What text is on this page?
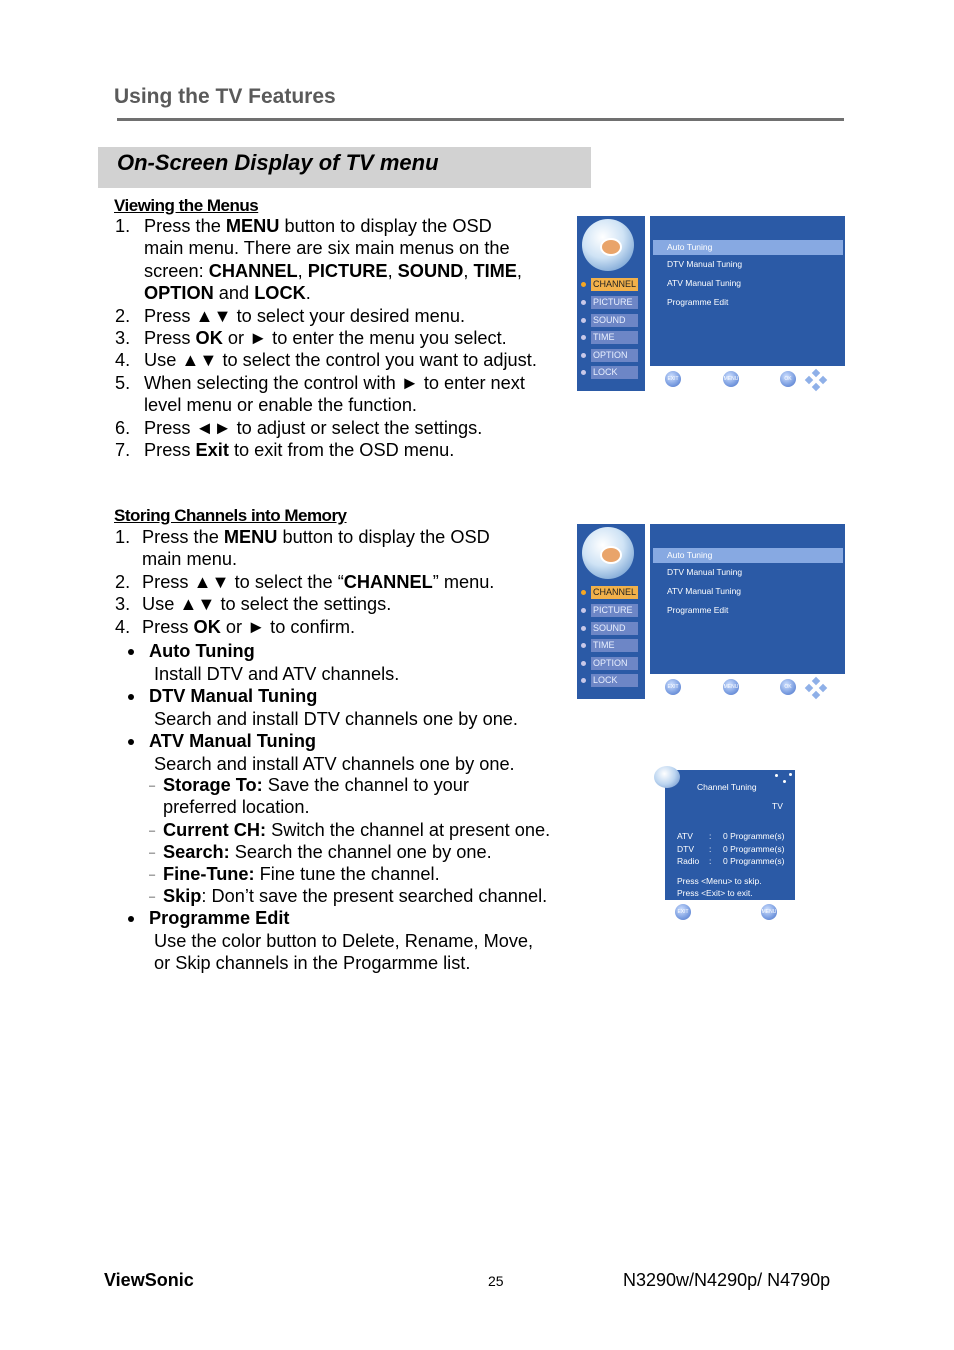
Using the TV Features
On-Screen Display of TV menu
Viewing the Menus
1. Press the MENU button to display the OSD
main menu. There are six main menus on the
screen: CHANNEL, PICTURE, SOUND, TIME,
OPTION and LOCK.
2. Press ▲▼ to select your desired menu.
3. Press OK or ► to enter the menu you select.
4. Use ▲▼ to select the control you want to adjust.
5. When selecting the control with ► to enter next
level menu or enable the function.
6. Press ◄► to adjust or select the settings.
7. Press Exit to exit from the OSD menu.
Storing Channels into Memory
1. Press the MENU button to display the OSD
main menu.
2. Press ▲▼ to select the “CHANNEL” menu.
3. Use ▲▼ to select the settings.
4. Press OK or ► to confirm.
Auto Tuning
Install DTV and ATV channels.
DTV Manual Tuning
Search and install DTV channels one by one.
ATV Manual Tuning
Search and install ATV channels one by one.
Programme Edit
Use the color button to Delete, Rename, Move,
or Skip channels in the Progarmme list.
– Storage To: Save the channel to your
preferred location.
– Current CH: Switch the channel at present one.
– Search: Search the channel one by one.
– Fine-Tune: Fine tune the channel.
– Skip: Don’t save the present searched channel.
CHANNEL
PICTURE
SOUND
TIME
OPTION
LOCK
Auto Tuning
DTV Manual Tuning
ATV Manual Tuning
Programme Edit
EXIT	MENU	OK
CHANNEL
PICTURE
SOUND
TIME
OPTION
LOCK
Auto Tuning
DTV Manual Tuning
ATV Manual Tuning
Programme Edit
EXIT	MENU	OK
Channel Tuning
TV
Press <Menu> to skip.
Press <Exit> to exit.
ATV : 0 Programme(s)
DTV : 0 Programme(s)
Radio : 0 Programme(s)
EXIT	MENU
ViewSonic	25	N3290w/N4290p/ N4790p
